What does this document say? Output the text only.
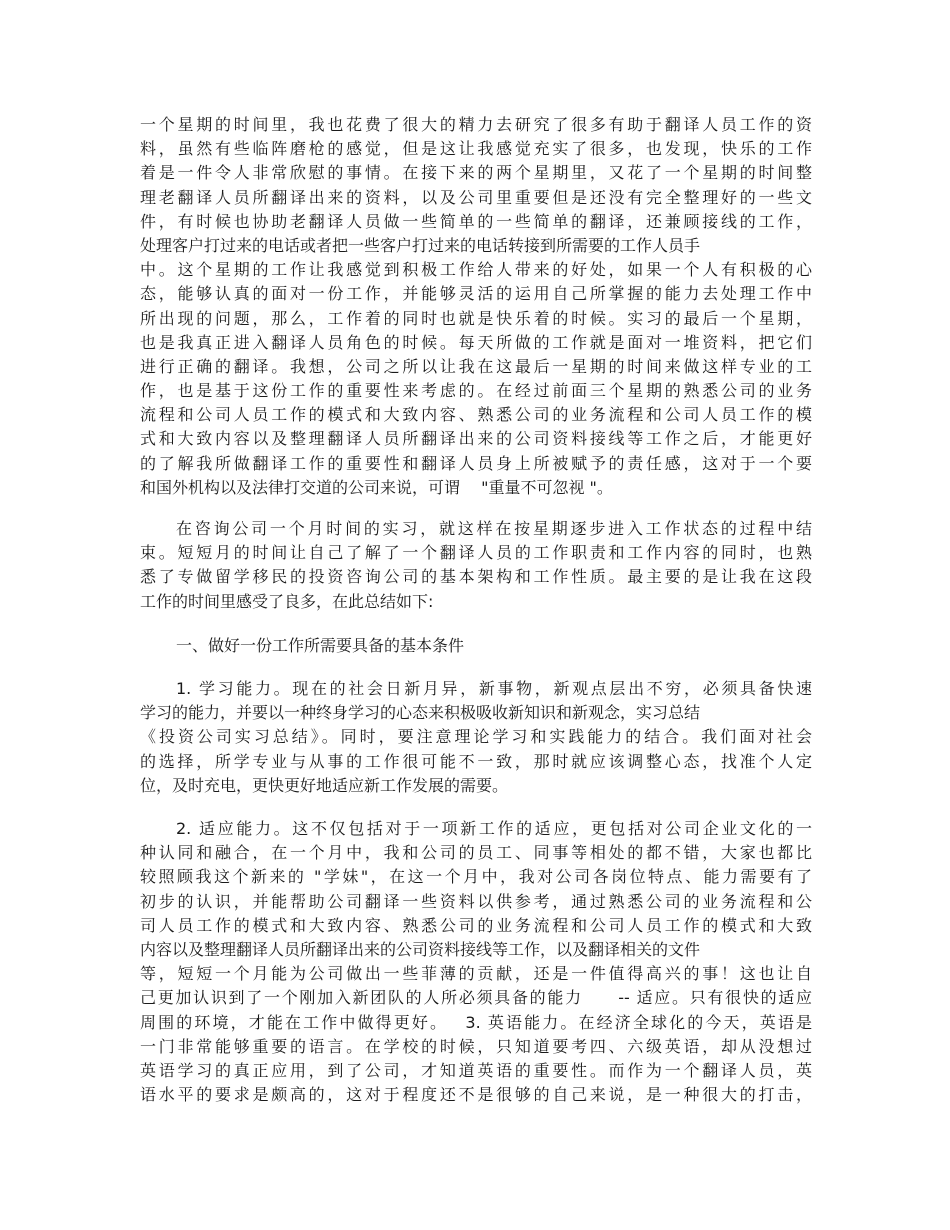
一个星期的时间里，我也花费了很大的精力去研究了很多有助于翻译人员工作的资
料，虽然有些临阵磨枪的感觉，但是这让我感觉充实了很多，也发现，快乐的工作
着是一件令人非常欣慰的事情。在接下来的两个星期里，又花了一个星期的时间整
理老翻译人员所翻译出来的资料，以及公司里重要但是还没有完全整理好的一些文
件，有时候也协助老翻译人员做一些简单的一些简单的翻译，还兼顾接线的工作，
处理客户打过来的电话或者把一些客户打过来的电话转接到所需要的工作人员手
中。这个星期的工作让我感觉到积极工作给人带来的好处，如果一个人有积极的心
态，能够认真的面对一份工作，并能够灵活的运用自己所掌握的能力去处理工作中
所出现的问题，那么，工作着的同时也就是快乐着的时候。实习的最后一个星期，
也是我真正进入翻译人员角色的时候。每天所做的工作就是面对一堆资料，把它们
进行正确的翻译。我想，公司之所以让我在这最后一星期的时间来做这样专业的工
作，也是基于这份工作的重要性来考虑的。在经过前面三个星期的熟悉公司的业务
流程和公司人员工作的模式和大致内容、熟悉公司的业务流程和公司人员工作的模
式和大致内容以及整理翻译人员所翻译出来的公司资料接线等工作之后，才能更好
的了解我所做翻译工作的重要性和翻译人员身上所被赋予的责任感，这对于一个要
和国外机构以及法律打交道的公司来说，可谓　 "重量不可忽视 "。
在咨询公司一个月时间的实习，就这样在按星期逐步进入工作状态的过程中结
束。短短月的时间让自己了解了一个翻译人员的工作职责和工作内容的同时，也熟
悉了专做留学移民的投资咨询公司的基本架构和工作性质。最主要的是让我在这段
工作的时间里感受了良多，在此总结如下:
一、做好一份工作所需要具备的基本条件
1. 学习能力。现在的社会日新月异，新事物，新观点层出不穷，必须具备快速
学习的能力，并要以一种终身学习的心态来积极吸收新知识和新观念，实习总结
《投资公司实习总结》。同时，要注意理论学习和实践能力的结合。我们面对社会
的选择，所学专业与从事的工作很可能不一致，那时就应该调整心态，找准个人定
位，及时充电，更快更好地适应新工作发展的需要。
2. 适应能力。这不仅包括对于一项新工作的适应，更包括对公司企业文化的一
种认同和融合，在一个月中，我和公司的员工、同事等相处的都不错，大家也都比
较照顾我这个新来的 "学妹"，在这一个月中，我对公司各岗位特点、能力需要有了
初步的认识，并能帮助公司翻译一些资料以供参考，通过熟悉公司的业务流程和公
司人员工作的模式和大致内容、熟悉公司的业务流程和公司人员工作的模式和大致
内容以及整理翻译人员所翻译出来的公司资料接线等工作，以及翻译相关的文件
等，短短一个月能为公司做出一些菲薄的贡献，还是一件值得高兴的事！这也让自
己更加认识到了一个刚加入新团队的人所必须具备的能力　　-- 适应。只有很快的适应
周围的环境，才能在工作中做得更好。　 3. 英语能力。在经济全球化的今天，英语是
一门非常能够重要的语言。在学校的时候，只知道要考四、六级英语，却从没想过
英语学习的真正应用，到了公司，才知道英语的重要性。而作为一个翻译人员，英
语水平的要求是颇高的，这对于程度还不是很够的自己来说，是一种很大的打击，
